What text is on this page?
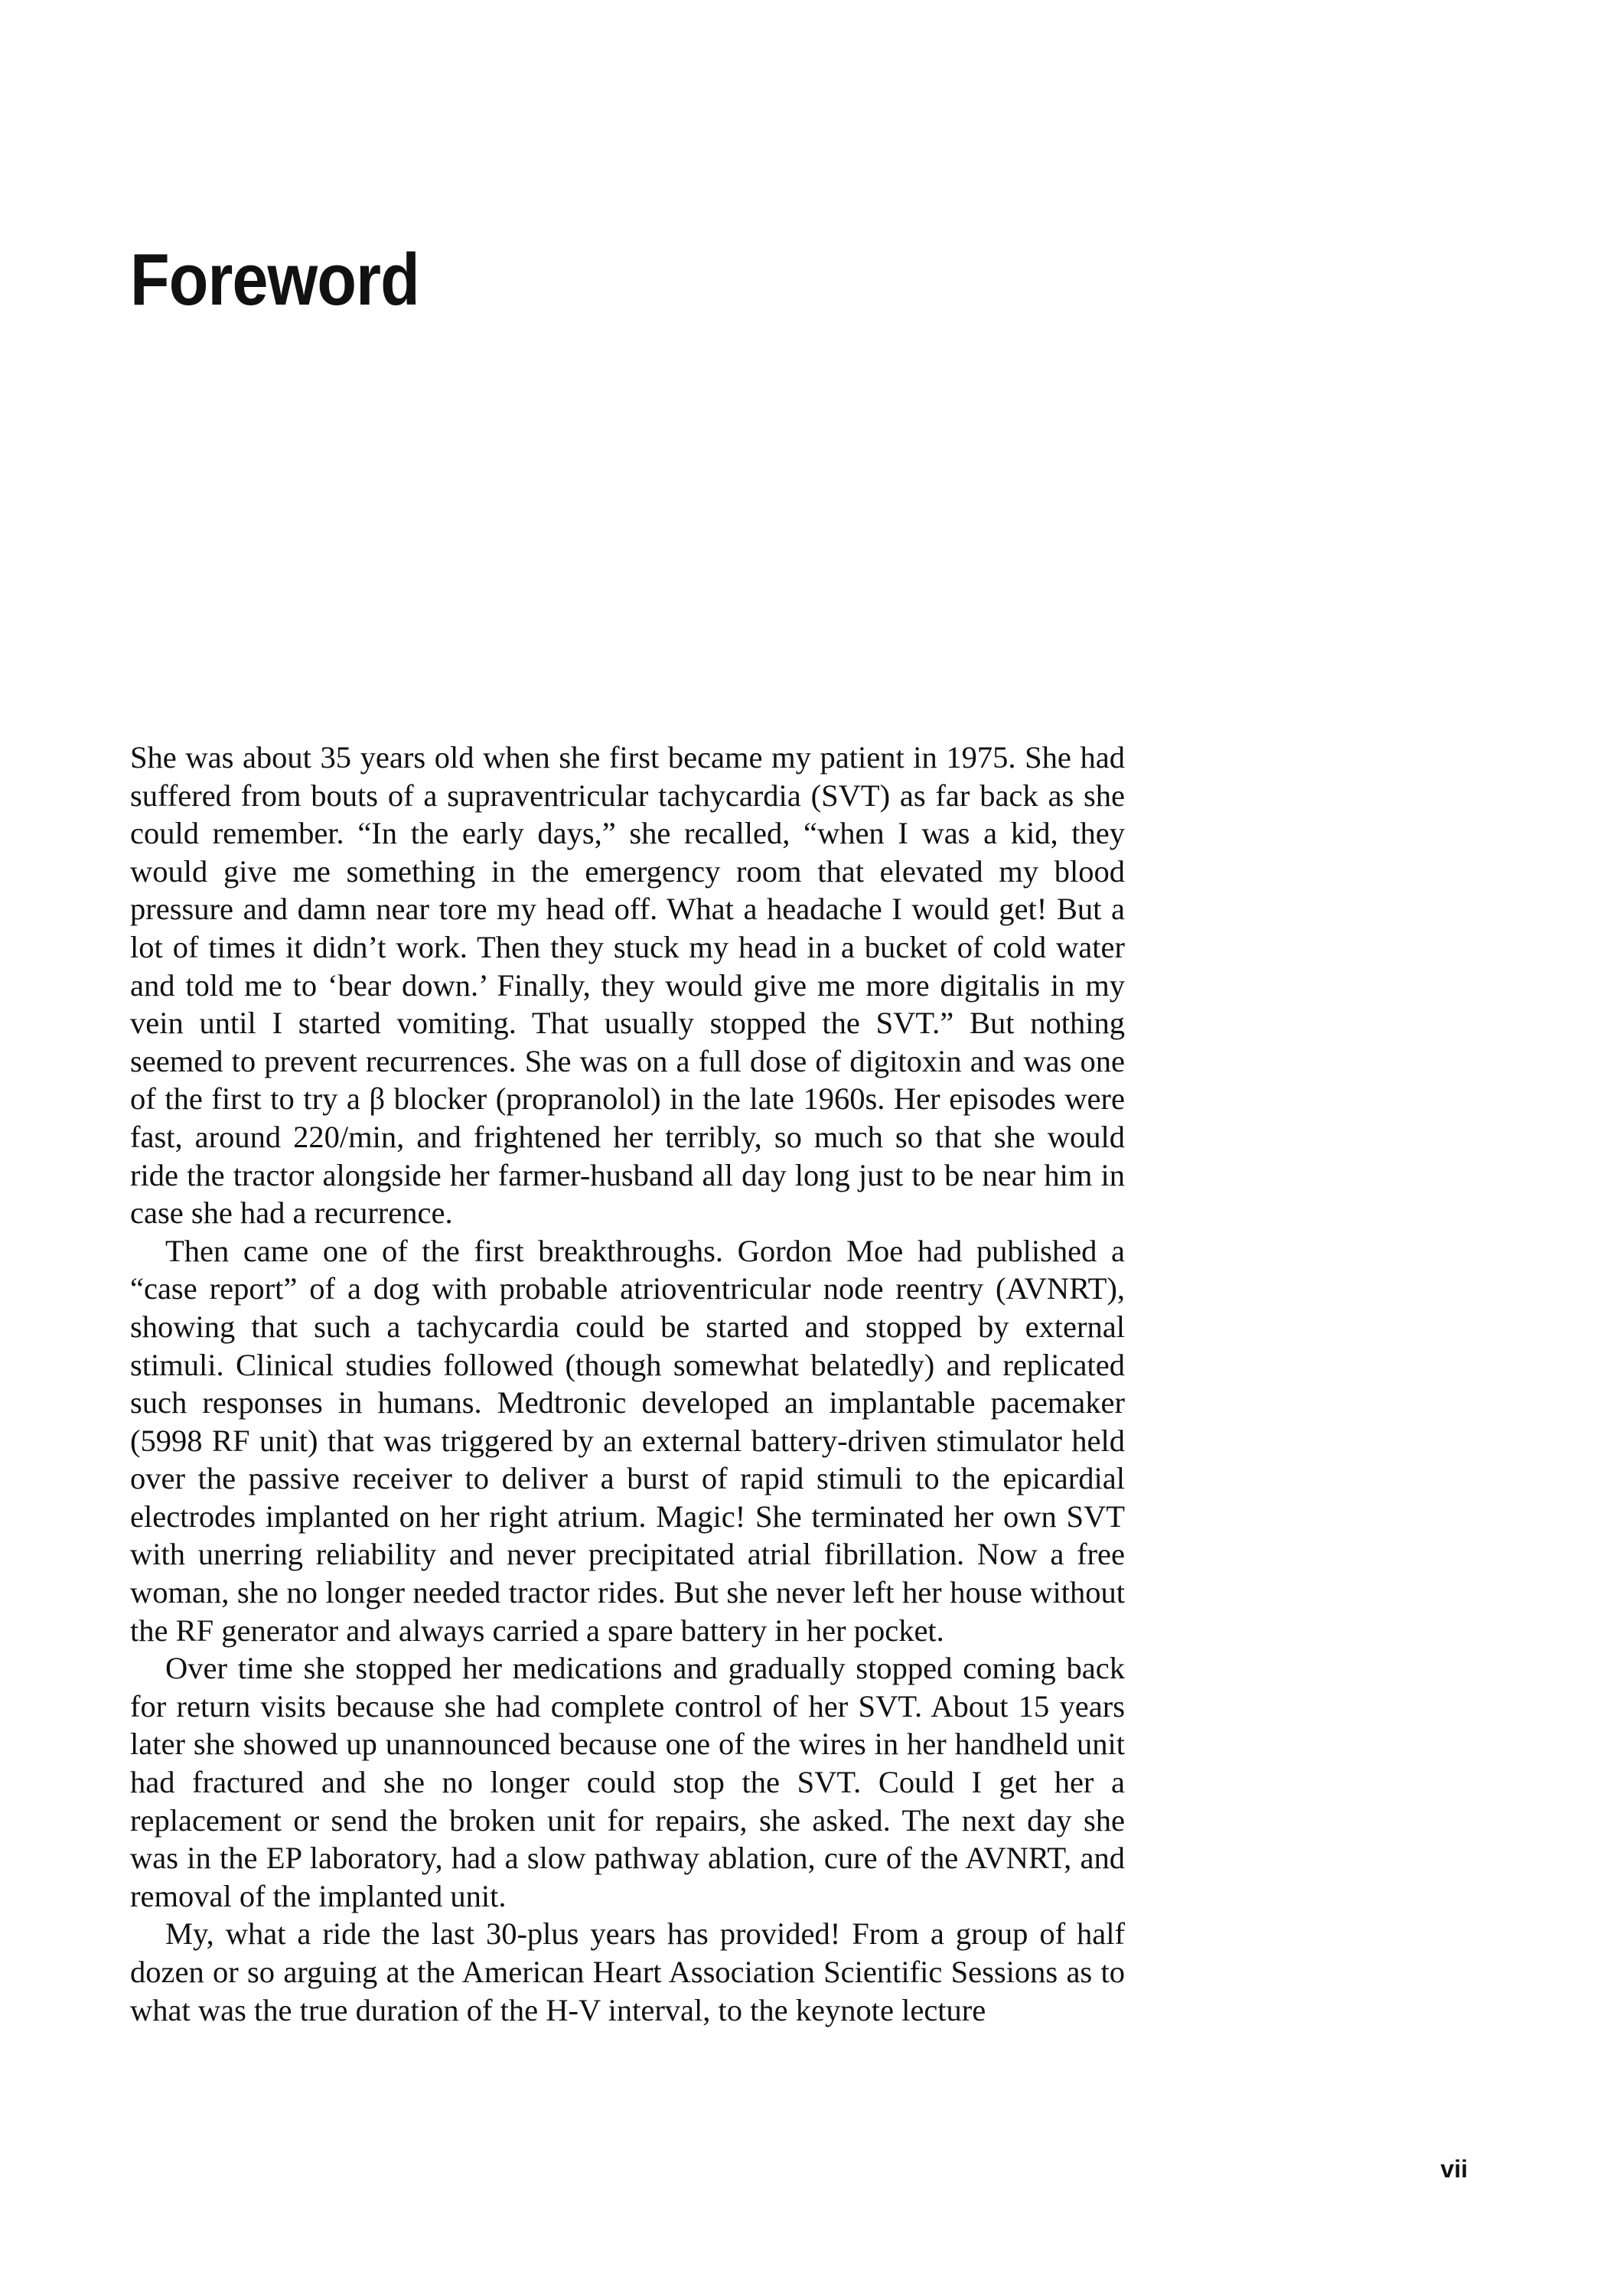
Foreword

She was about 35 years old when she first became my patient in 1975. She had suffered from bouts of a supraventricular tachycardia (SVT) as far back as she could remember. “In the early days,” she recalled, “when I was a kid, they would give me something in the emergency room that elevated my blood pressure and damn near tore my head off. What a headache I would get! But a lot of times it didn’t work. Then they stuck my head in a bucket of cold water and told me to ‘bear down.’ Finally, they would give me more digitalis in my vein until I started vomiting. That usually stopped the SVT.” But nothing seemed to prevent recurrences. She was on a full dose of digitoxin and was one of the first to try a β blocker (propranolol) in the late 1960s. Her episodes were fast, around 220/min, and frightened her terribly, so much so that she would ride the tractor alongside her farmer-husband all day long just to be near him in case she had a recurrence.

Then came one of the first breakthroughs. Gordon Moe had published a “case report” of a dog with probable atrioventricular node reentry (AVNRT), showing that such a tachycardia could be started and stopped by external stimuli. Clinical studies followed (though somewhat belatedly) and replicated such responses in humans. Medtronic developed an implantable pacemaker (5998 RF unit) that was triggered by an external battery-driven stimulator held over the passive receiver to deliver a burst of rapid stimuli to the epicardial electrodes implanted on her right atrium. Magic! She terminated her own SVT with unerring reliability and never precipitated atrial fibrillation. Now a free woman, she no longer needed tractor rides. But she never left her house without the RF generator and always carried a spare battery in her pocket.

Over time she stopped her medications and gradually stopped coming back for return visits because she had complete control of her SVT. About 15 years later she showed up unannounced because one of the wires in her handheld unit had fractured and she no longer could stop the SVT. Could I get her a replacement or send the broken unit for repairs, she asked. The next day she was in the EP laboratory, had a slow pathway ablation, cure of the AVNRT, and removal of the implanted unit.

My, what a ride the last 30-plus years has provided! From a group of half dozen or so arguing at the American Heart Association Scientific Sessions as to what was the true duration of the H-V interval, to the keynote lecture

vii
